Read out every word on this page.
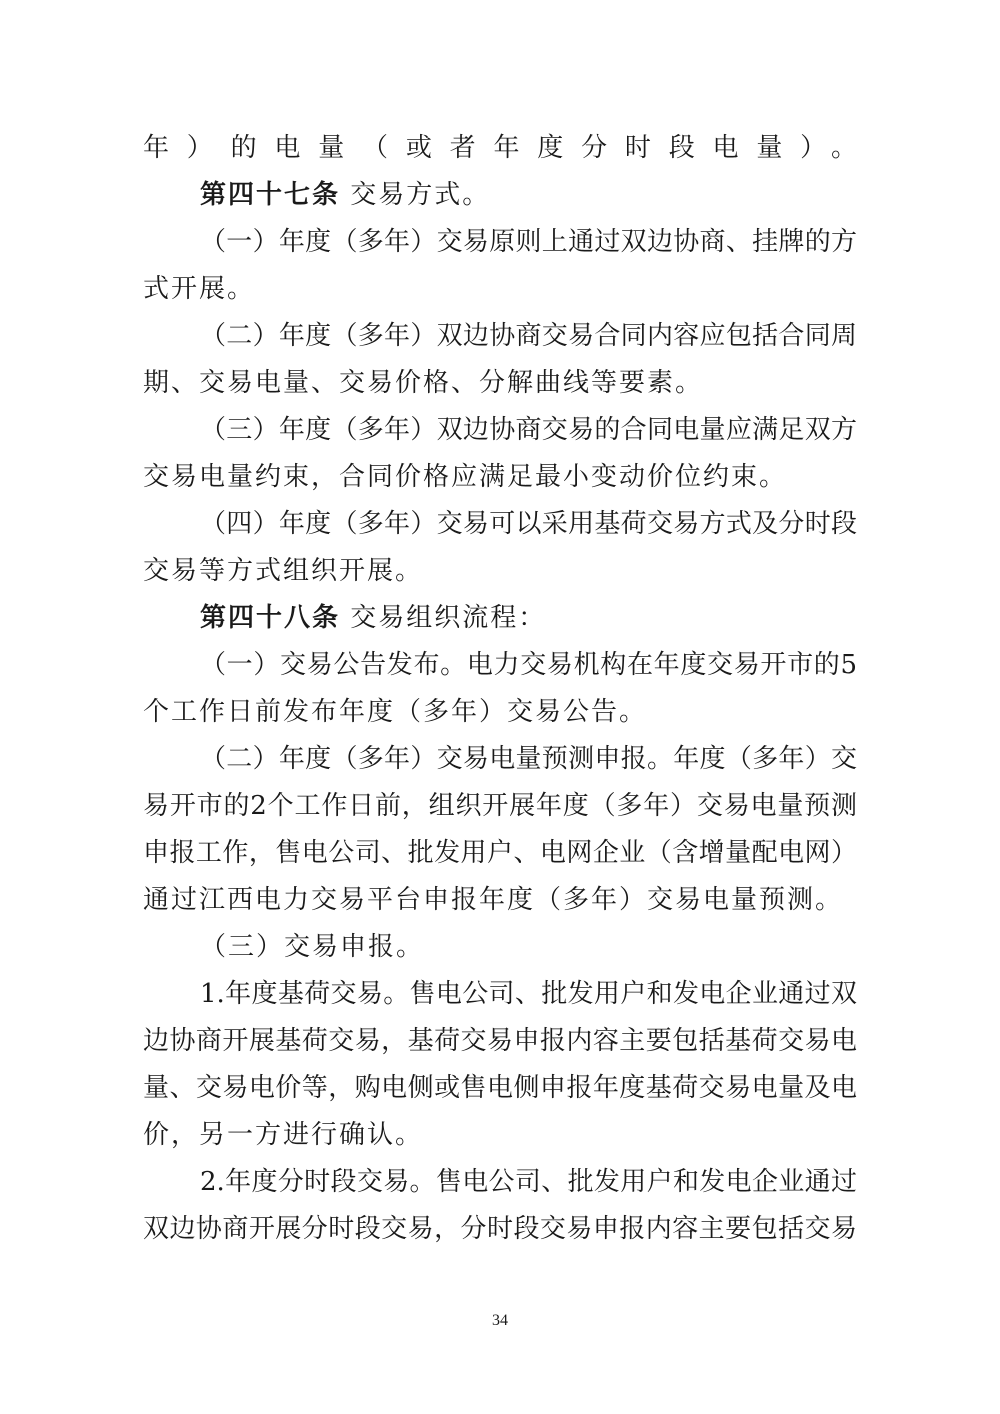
年）的电量（或者年度分时段电量）。
第四十七条 交易方式。
（一）年度（多年）交易原则上通过双边协商、挂牌的方
式开展。
（二）年度（多年）双边协商交易合同内容应包括合同周
期、交易电量、交易价格、分解曲线等要素。
（三）年度（多年）双边协商交易的合同电量应满足双方
交易电量约束，合同价格应满足最小变动价位约束。
（四）年度（多年）交易可以采用基荷交易方式及分时段
交易等方式组织开展。
第四十八条 交易组织流程：
（一）交易公告发布。电力交易机构在年度交易开市的5
个工作日前发布年度（多年）交易公告。
（二）年度（多年）交易电量预测申报。年度（多年）交
易开市的2个工作日前，组织开展年度（多年）交易电量预测
申报工作，售电公司、批发用户、电网企业（含增量配电网）
通过江西电力交易平台申报年度（多年）交易电量预测。
（三）交易申报。
1.年度基荷交易。售电公司、批发用户和发电企业通过双
边协商开展基荷交易，基荷交易申报内容主要包括基荷交易电
量、交易电价等，购电侧或售电侧申报年度基荷交易电量及电
价，另一方进行确认。
2.年度分时段交易。售电公司、批发用户和发电企业通过
双边协商开展分时段交易，分时段交易申报内容主要包括交易
34
